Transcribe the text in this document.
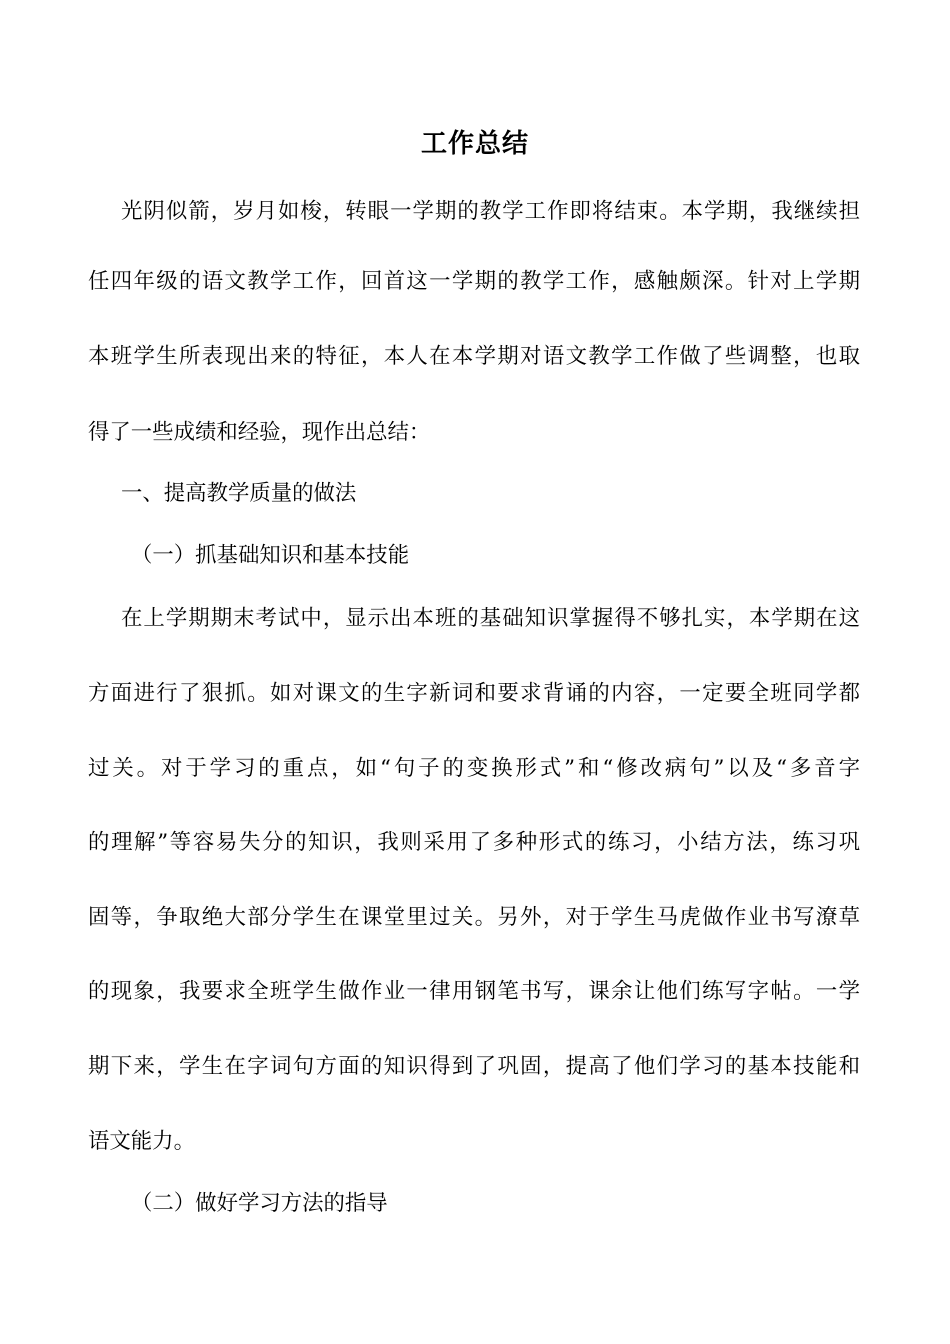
工作总结
光阴似箭，岁月如梭，转眼一学期的教学工作即将结束。本学期，我继续担
任四年级的语文教学工作，回首这一学期的教学工作，感触颇深。针对上学期
本班学生所表现出来的特征，本人在本学期对语文教学工作做了些调整，也取
得了一些成绩和经验，现作出总结：
一、提高教学质量的做法
（一）抓基础知识和基本技能
在上学期期末考试中，显示出本班的基础知识掌握得不够扎实，本学期在这
方面进行了狠抓。如对课文的生字新词和要求背诵的内容，一定要全班同学都
过关。对于学习的重点，如“句子的变换形式”和“修改病句”以及“多音字
的理解”等容易失分的知识，我则采用了多种形式的练习，小结方法，练习巩
固等，争取绝大部分学生在课堂里过关。另外，对于学生马虎做作业书写潦草
的现象，我要求全班学生做作业一律用钢笔书写，课余让他们练写字帖。一学
期下来，学生在字词句方面的知识得到了巩固，提高了他们学习的基本技能和
语文能力。
（二）做好学习方法的指导
